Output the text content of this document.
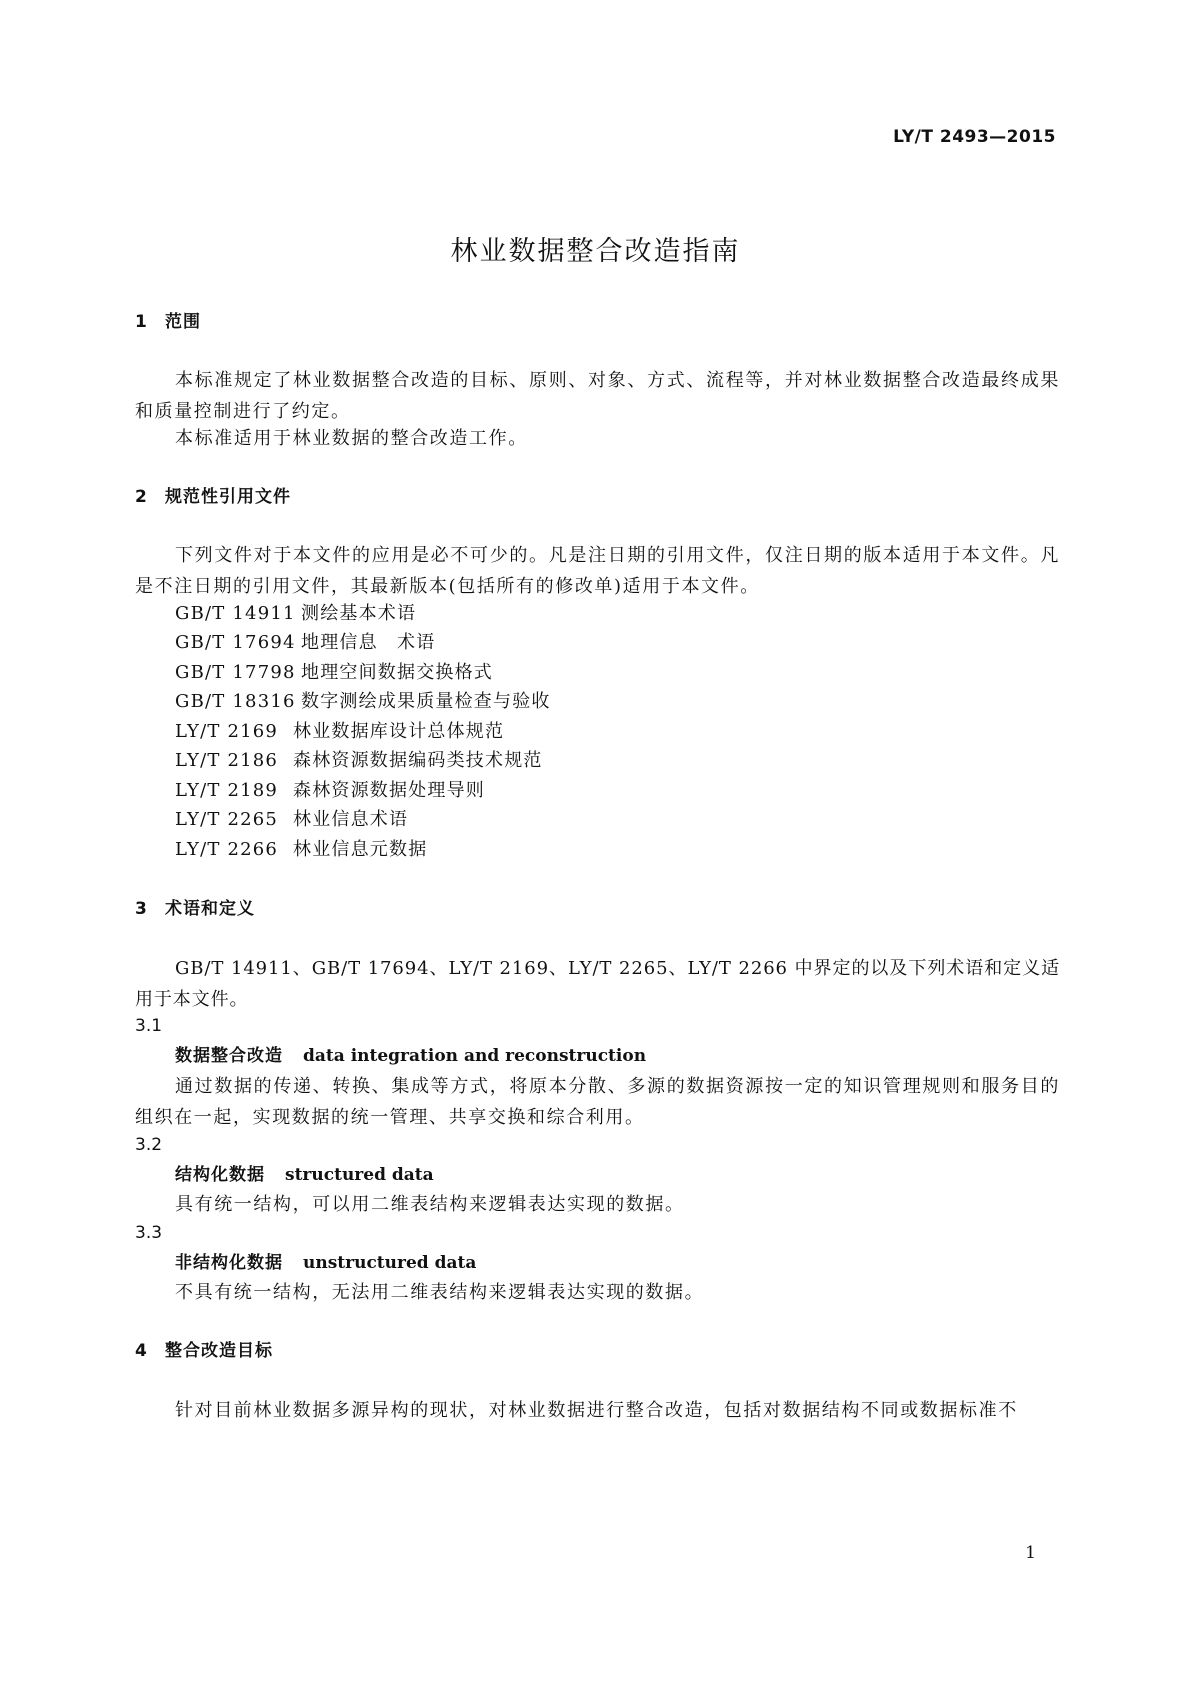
LY/T 2493—2015
林业数据整合改造指南
1 范围

本标准规定了林业数据整合改造的目标、原则、对象、方式、流程等，并对林业数据整合改造最终成果和质量控制进行了约定。

本标准适用于林业数据的整合改造工作。

2 规范性引用文件

下列文件对于本文件的应用是必不可少的。凡是注日期的引用文件，仅注日期的版本适用于本文件。凡是不注日期的引用文件，其最新版本(包括所有的修改单)适用于本文件。

GB/T 14911 测绘基本术语
GB/T 17694 地理信息　术语
GB/T 17798 地理空间数据交换格式
GB/T 18316 数字测绘成果质量检查与验收
LY/T 2169 林业数据库设计总体规范
LY/T 2186 森林资源数据编码类技术规范
LY/T 2189 森林资源数据处理导则
LY/T 2265 林业信息术语
LY/T 2266 林业信息元数据
3 术语和定义

GB/T 14911、GB/T 17694、LY/T 2169、LY/T 2265、LY/T 2266 中界定的以及下列术语和定义适用于本文件。

3.1
数据整合改造 data integration and reconstruction

通过数据的传递、转换、集成等方式，将原本分散、多源的数据资源按一定的知识管理规则和服务目的组织在一起，实现数据的统一管理、共享交换和综合利用。

3.2
结构化数据 structured data

具有统一结构，可以用二维表结构来逻辑表达实现的数据。

3.3
非结构化数据 unstructured data

不具有统一结构，无法用二维表结构来逻辑表达实现的数据。

4 整合改造目标

针对目前林业数据多源异构的现状，对林业数据进行整合改造，包括对数据结构不同或数据标准不

1
